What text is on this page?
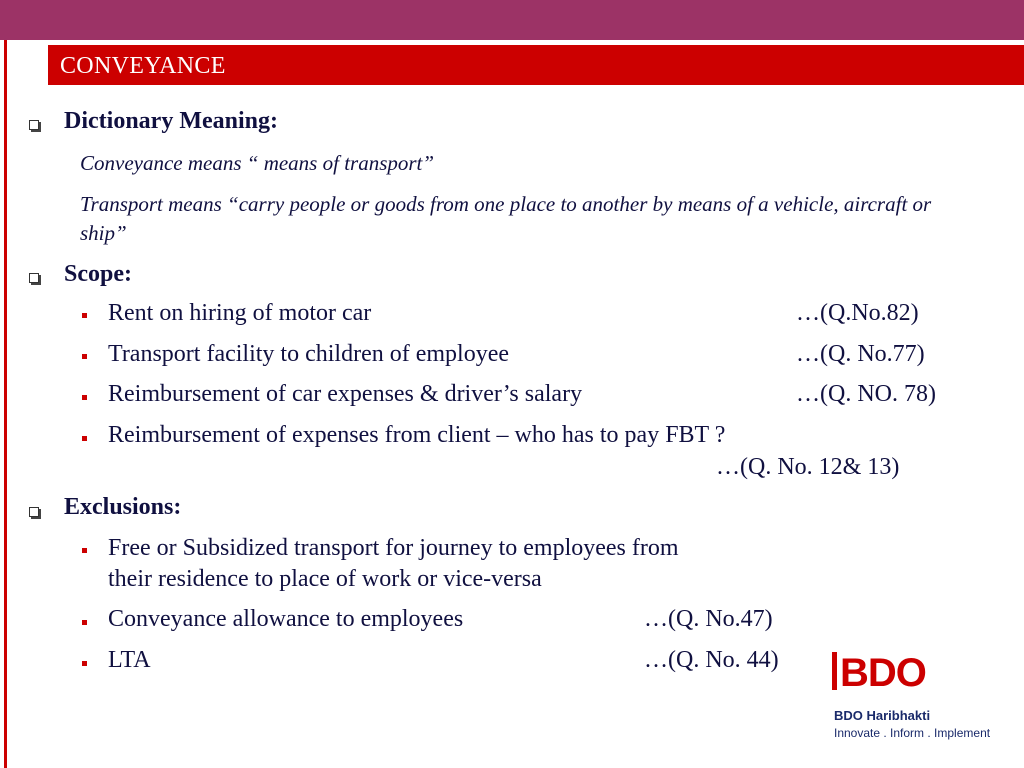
CONVEYANCE
Dictionary Meaning:
Conveyance means “ means of transport”
Transport means “carry people or goods from one place to another by means of a vehicle, aircraft or
ship”
Scope:
Rent on hiring of motor car	…(Q.No.82)
Transport facility to children of employee	…(Q. No.77)
Reimbursement of car expenses & driver’s salary	…(Q. NO. 78)
Reimbursement of expenses from client – who has to pay FBT ?
…(Q. No. 12& 13)
Exclusions:
Free or Subsidized transport for journey to employees from
their residence to place of work or vice-versa
Conveyance allowance to employees	…(Q. No.47)
LTA	…(Q. No. 44) BDO
BDO Haribhakti
Innovate . Inform . Implement
